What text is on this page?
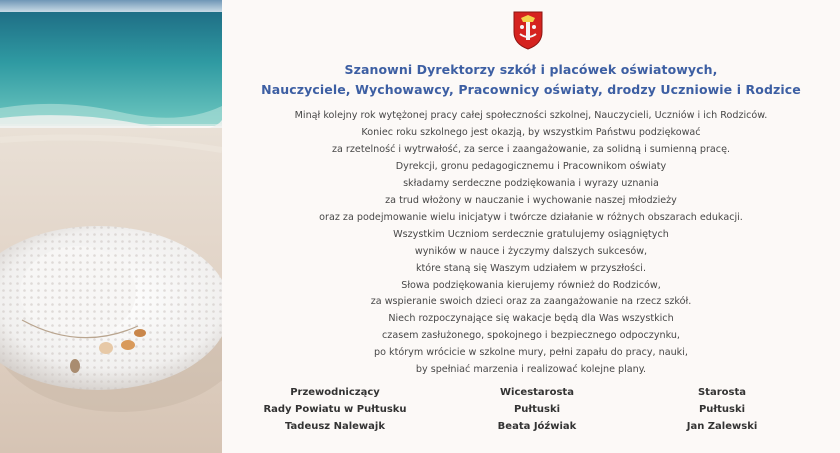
Szanowni Dyrektorzy szkół i placówek oświatowych,
Nauczyciele, Wychowawcy, Pracownicy oświaty, drodzy Uczniowie i Rodzice
Minął kolejny rok wytężonej pracy całej społeczności szkolnej, Nauczycieli, Uczniów i ich Rodziców.
Koniec roku szkolnego jest okazją, by wszystkim Państwu podziękować
za rzetelność i wytrwałość, za serce i zaangażowanie, za solidną i sumienną pracę.
Dyrekcji, gronu pedagogicznemu i Pracownikom oświaty
składamy serdeczne podziękowania i wyrazy uznania
za trud włożony w nauczanie i wychowanie naszej młodzieży
oraz za podejmowanie wielu inicjatyw i twórcze działanie w różnych obszarach edukacji.
Wszystkim Uczniom serdecznie gratulujemy osiągniętych
wyników w nauce i życzymy dalszych sukcesów,
które staną się Waszym udziałem w przyszłości.
Słowa podziękowania kierujemy również do Rodziców,
za wspieranie swoich dzieci oraz za zaangażowanie na rzecz szkół.
Niech rozpoczynające się wakacje będą dla Was wszystkich
czasem zasłużonego, spokojnego i bezpiecznego odpoczynku,
po którym wrócicie w szkolne mury, pełni zapału do pracy, nauki,
by spełniać marzenia i realizować kolejne plany.
Przewodniczący
Rady Powiatu w Pułtusku
Tadeusz Nalewajk
Wicestarosta
Pułtuski
Beata Jóźwiak
Starosta
Pułtuski
Jan Zalewski
